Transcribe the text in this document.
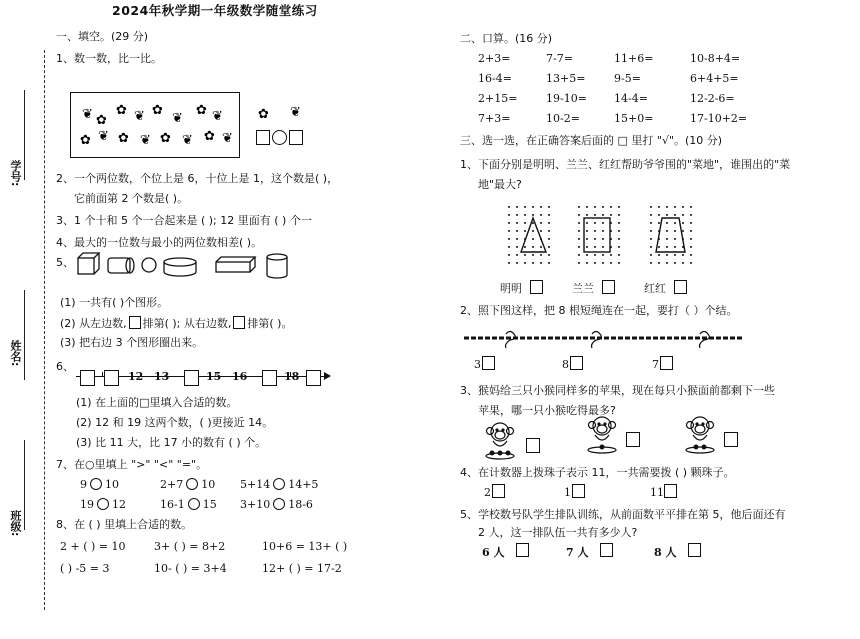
2024年秋学期一年级数学随堂练习
学号:
姓名:
班级:
一、填空。(29 分)
1、数一数，比一比。
❦ ✿
✿ ❦ ✿
❦
✿ ❦
✿ ❦ ✿ ❦ ✿ ❦ ✿ ❦
✿ ❦
2、一个两位数，个位上是 6，十位上是 1，这个数是( )，
它前面第 2 个数是( )。
3、1 个十和 5 个一合起来是 ( ); 12 里面有 ( ) 个一
4、最大的一位数与最小的两位数相差( )。
5、
(1) 一共有( )个图形。
(2) 从左边数, 排第( ); 从右边数, 排第( )。
(3) 把右边 3 个图形圈出来。
6、
12 13	15 16	18
(1) 在上面的□里填入合适的数。
(2) 12 和 19 这两个数，( )更接近 14。
(3) 比 11 大，比 17 小的数有 ( ) 个。
7、在○里填上 ">" "<" "="。
9 10	2+7 10 5+14 14+5
19 12	16-1 15 3+10 18-6
8、在 ( ) 里填上合适的数。
2 + ( ) = 10	3+ ( ) = 8+2	10+6 = 13+ ( )
( ) -5 = 3	10- ( ) = 3+4	12+ ( ) = 17-2
二、口算。(16 分)
2+3=	7-7=	11+6=	10-8+4=
16-4=	13+5=	9-5=	6+4+5=
2+15=	19-10= 14-4=	12-2-6=
7+3=	10-2=	15+0=	17-10+2=
三、选一选，在正确答案后面的 □ 里打 "√"。(10 分)
1、下面分别是明明、兰兰、红红帮助爷爷围的"菜地"，谁围出的"菜
地"最大?
明明	兰兰	红红
2、照下图这样，把 8 根短绳连在一起，要打（ ）个结。
3	8	7
3、猴妈给三只小猴同样多的苹果，现在每只小猴面前都剩下一些
苹果，哪一只小猴吃得最多?
4、在计数器上拨珠子表示 11，一共需要拨 ( ) 颗珠子。
2	1	11
5、学校数号队学生排队训练，从前面数平平排在第 5，他后面还有
2 人，这一排队伍一共有多少人?
6 人	7 人	8 人
